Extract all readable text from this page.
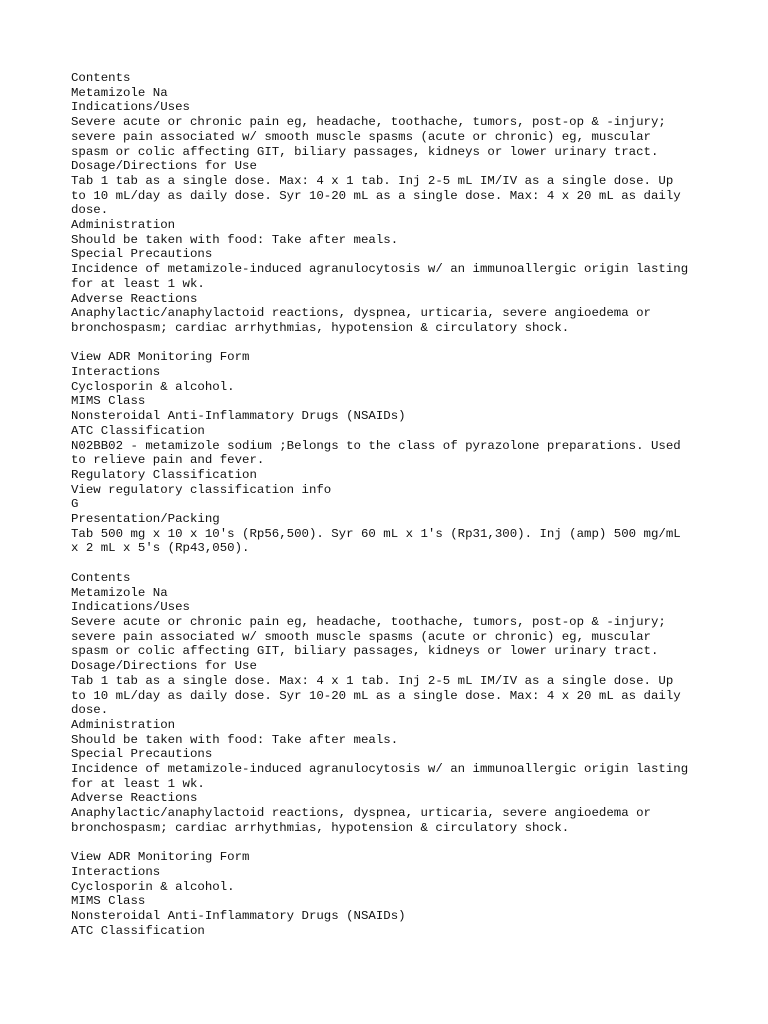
Contents
Metamizole Na
Indications/Uses
Severe acute or chronic pain eg, headache, toothache, tumors, post-op & -injury;
severe pain associated w/ smooth muscle spasms (acute or chronic) eg, muscular
spasm or colic affecting GIT, biliary passages, kidneys or lower urinary tract.
Dosage/Directions for Use
Tab 1 tab as a single dose. Max: 4 x 1 tab. Inj 2-5 mL IM/IV as a single dose. Up
to 10 mL/day as daily dose. Syr 10-20 mL as a single dose. Max: 4 x 20 mL as daily
dose.
Administration
Should be taken with food: Take after meals.
Special Precautions
Incidence of metamizole-induced agranulocytosis w/ an immunoallergic origin lasting
for at least 1 wk.
Adverse Reactions
Anaphylactic/anaphylactoid reactions, dyspnea, urticaria, severe angioedema or
bronchospasm; cardiac arrhythmias, hypotension & circulatory shock.
View ADR Monitoring Form
Interactions
Cyclosporin & alcohol.
MIMS Class
Nonsteroidal Anti-Inflammatory Drugs (NSAIDs)
ATC Classification
N02BB02 - metamizole sodium ;Belongs to the class of pyrazolone preparations. Used
to relieve pain and fever.
Regulatory Classification
View regulatory classification info
G
Presentation/Packing
Tab 500 mg x 10 x 10's (Rp56,500). Syr 60 mL x 1's (Rp31,300). Inj (amp) 500 mg/mL
x 2 mL x 5's (Rp43,050).
Contents
Metamizole Na
Indications/Uses
Severe acute or chronic pain eg, headache, toothache, tumors, post-op & -injury;
severe pain associated w/ smooth muscle spasms (acute or chronic) eg, muscular
spasm or colic affecting GIT, biliary passages, kidneys or lower urinary tract.
Dosage/Directions for Use
Tab 1 tab as a single dose. Max: 4 x 1 tab. Inj 2-5 mL IM/IV as a single dose. Up
to 10 mL/day as daily dose. Syr 10-20 mL as a single dose. Max: 4 x 20 mL as daily
dose.
Administration
Should be taken with food: Take after meals.
Special Precautions
Incidence of metamizole-induced agranulocytosis w/ an immunoallergic origin lasting
for at least 1 wk.
Adverse Reactions
Anaphylactic/anaphylactoid reactions, dyspnea, urticaria, severe angioedema or
bronchospasm; cardiac arrhythmias, hypotension & circulatory shock.
View ADR Monitoring Form
Interactions
Cyclosporin & alcohol.
MIMS Class
Nonsteroidal Anti-Inflammatory Drugs (NSAIDs)
ATC Classification
